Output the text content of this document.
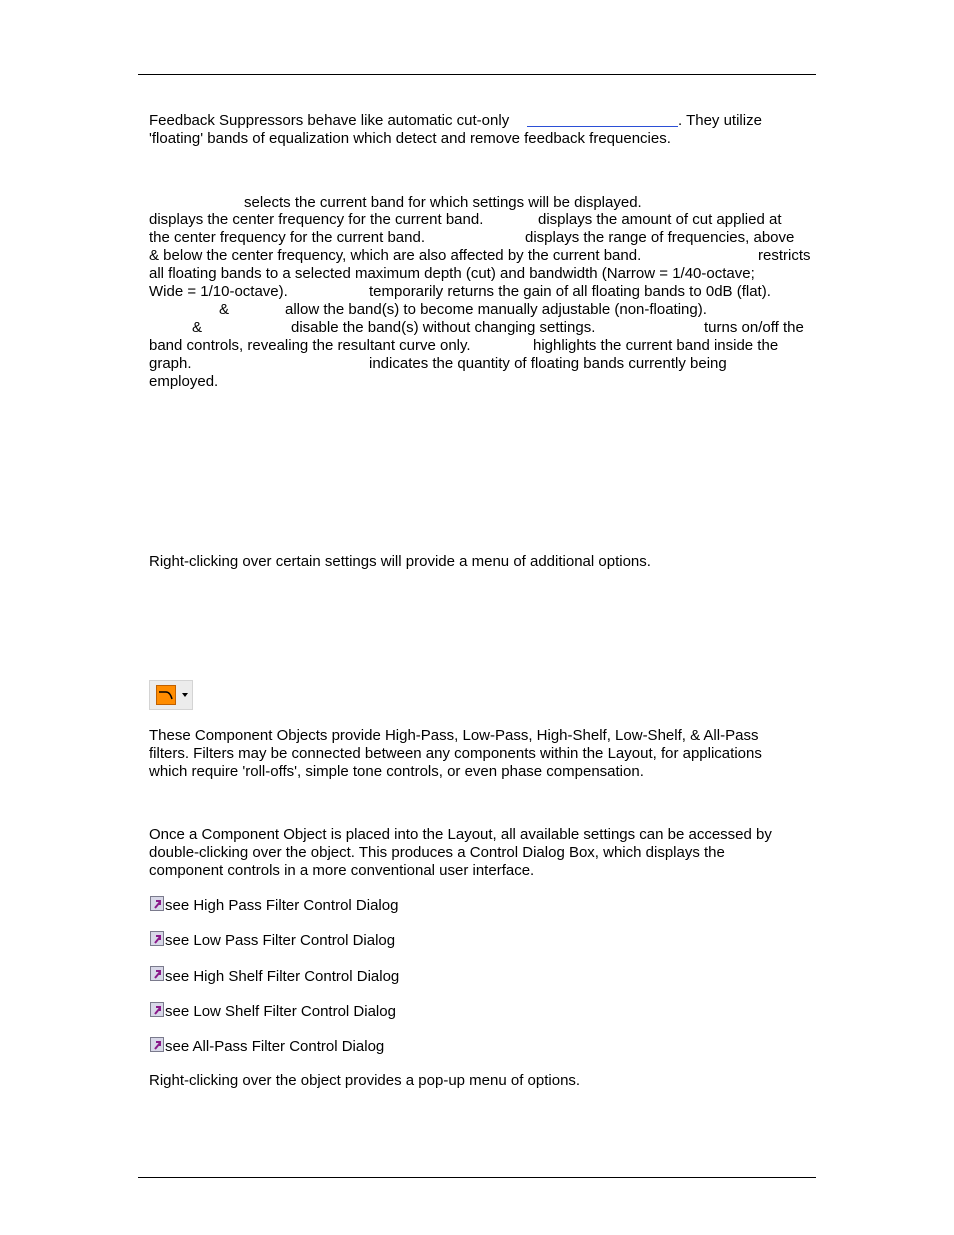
Feedback Suppressors behave like automatic cut-only	. They utilize
'floating' bands of equalization which detect and remove feedback frequencies.
selects the current band for which settings will be displayed.
displays the center frequency for the current band.	displays the amount of cut applied at
the center frequency for the current band.	displays the range of frequencies, above
& below the center frequency, which are also affected by the current band.	restricts
all floating bands to a selected maximum depth (cut) and bandwidth (Narrow = 1/40-octave;
Wide = 1/10-octave).	temporarily returns the gain of all floating bands to 0dB (flat).
&	allow the band(s) to become manually adjustable (non-floating).
&	disable the band(s) without changing settings.	turns on/off the
band controls, revealing the resultant curve only.	highlights the current band inside the
graph.	indicates the quantity of floating bands currently being
employed.
Right-clicking over certain settings will provide a menu of additional options.
These Component Objects provide High-Pass, Low-Pass, High-Shelf, Low-Shelf, & All-Pass
filters. Filters may be connected between any components within the Layout, for applications
which require 'roll-offs', simple tone controls, or even phase compensation.
Once a Component Object is placed into the Layout, all available settings can be accessed by
double-clicking over the object. This produces a Control Dialog Box, which displays the
component controls in a more conventional user interface.
see High Pass Filter Control Dialog
see Low Pass Filter Control Dialog
see High Shelf Filter Control Dialog
see Low Shelf Filter Control Dialog
see All-Pass Filter Control Dialog
Right-clicking over the object provides a pop-up menu of options.
